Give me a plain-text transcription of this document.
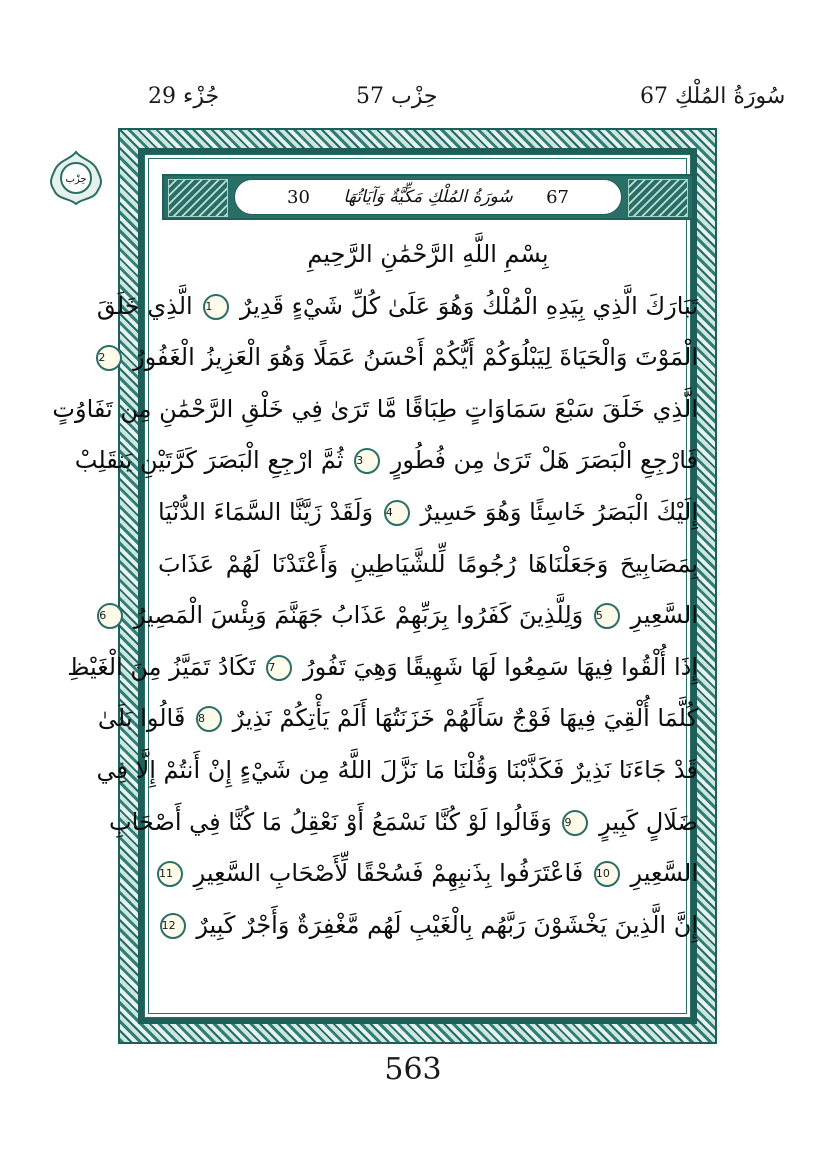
جُزْء 29	حِزْب 57	67 سُورَةُ المُلْكِ
حِزْب
30 سُورَةُ المُلْكِ مَكِّيَّةٌ وَآيَاتُهَا 67
بِسْمِ اللَّهِ الرَّحْمَٰنِ الرَّحِيمِ
تَبَارَكَ الَّذِي بِيَدِهِ الْمُلْكُ وَهُوَ عَلَىٰ كُلِّ شَيْءٍ قَدِيرٌ 1 الَّذِي خَلَقَ
الْمَوْتَ وَالْحَيَاةَ لِيَبْلُوَكُمْ أَيُّكُمْ أَحْسَنُ عَمَلًا وَهُوَ الْعَزِيزُ الْغَفُورُ 2
الَّذِي خَلَقَ سَبْعَ سَمَاوَاتٍ طِبَاقًا مَّا تَرَىٰ فِي خَلْقِ الرَّحْمَٰنِ مِن تَفَاوُتٍ
فَارْجِعِ الْبَصَرَ هَلْ تَرَىٰ مِن فُطُورٍ 3 ثُمَّ ارْجِعِ الْبَصَرَ كَرَّتَيْنِ يَنقَلِبْ
إِلَيْكَ الْبَصَرُ خَاسِئًا وَهُوَ حَسِيرٌ 4 وَلَقَدْ زَيَّنَّا السَّمَاءَ الدُّنْيَا
بِمَصَابِيحَ وَجَعَلْنَاهَا رُجُومًا لِّلشَّيَاطِينِ وَأَعْتَدْنَا لَهُمْ عَذَابَ
السَّعِيرِ 5 وَلِلَّذِينَ كَفَرُوا بِرَبِّهِمْ عَذَابُ جَهَنَّمَ وَبِئْسَ الْمَصِيرُ 6
إِذَا أُلْقُوا فِيهَا سَمِعُوا لَهَا شَهِيقًا وَهِيَ تَفُورُ 7 تَكَادُ تَمَيَّزُ مِنَ الْغَيْظِ
كُلَّمَا أُلْقِيَ فِيهَا فَوْجٌ سَأَلَهُمْ خَزَنَتُهَا أَلَمْ يَأْتِكُمْ نَذِيرٌ 8 قَالُوا بَلَىٰ
قَدْ جَاءَنَا نَذِيرٌ فَكَذَّبْنَا وَقُلْنَا مَا نَزَّلَ اللَّهُ مِن شَيْءٍ إِنْ أَنتُمْ إِلَّا فِي
ضَلَالٍ كَبِيرٍ 9 وَقَالُوا لَوْ كُنَّا نَسْمَعُ أَوْ نَعْقِلُ مَا كُنَّا فِي أَصْحَابِ
السَّعِيرِ 10 فَاعْتَرَفُوا بِذَنبِهِمْ فَسُحْقًا لِّأَصْحَابِ السَّعِيرِ 11
إِنَّ الَّذِينَ يَخْشَوْنَ رَبَّهُم بِالْغَيْبِ لَهُم مَّغْفِرَةٌ وَأَجْرٌ كَبِيرٌ 12
563
